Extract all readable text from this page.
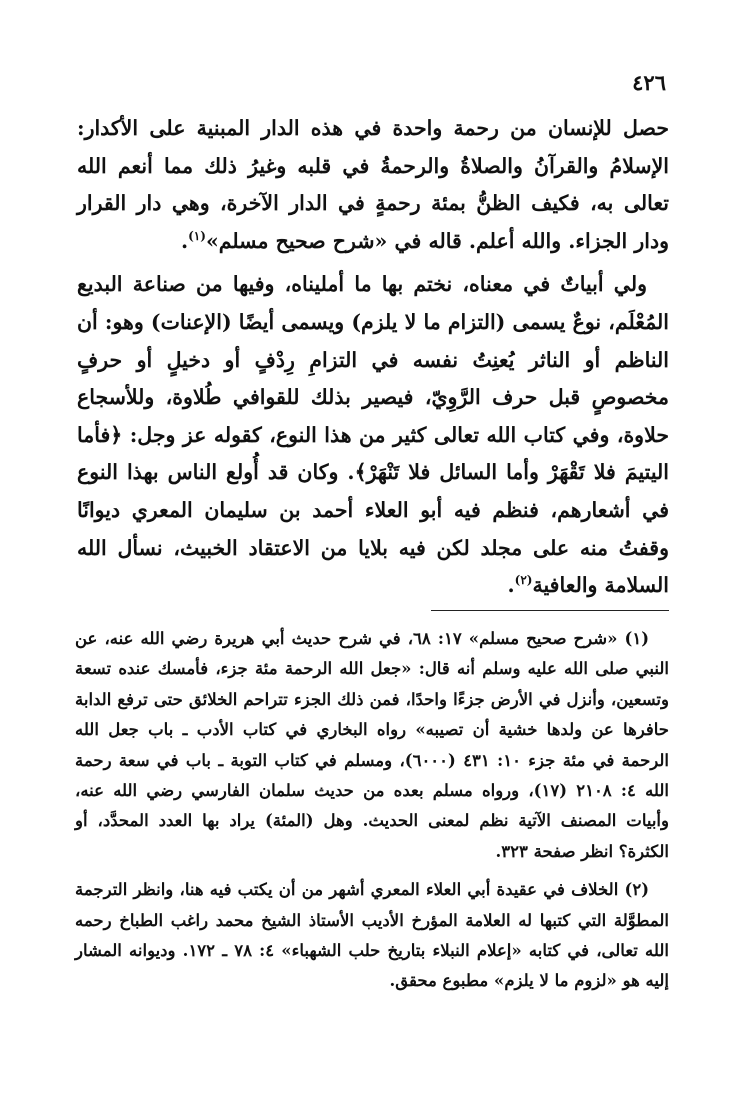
٤٢٦

حصل للإنسان من رحمة واحدة في هذه الدار المبنية على الأكدار: الإسلامُ والقرآنُ والصلاةُ والرحمةُ في قلبه وغيرُ ذلك مما أنعم الله تعالى به، فكيف الظنُّ بمئة رحمةٍ في الدار الآخرة، وهي دار القرار ودار الجزاء. والله أعلم. قاله في «شرح صحيح مسلم»$^{(١)}$.

ولي أبياتٌ في معناه، نختم بها ما أمليناه، وفيها من صناعة البديع المُعْلَم، نوعٌ يسمى (التزام ما لا يلزم) ويسمى أيضًا (الإعنات) وهو: أن الناظم أو الناثر يُعنِتُ نفسه في التزامِ رِدْفٍ أو دخيلٍ أو حرفٍ مخصوصٍ قبل حرف الرَّوِيّ، فيصير بذلك للقوافي طُلاوة، وللأسجاع حلاوة، وفي كتاب الله تعالى كثير من هذا النوع، كقوله عز وجل: ﴿فأما اليتيمَ فلا تَقْهَرْ وأما السائل فلا تَنْهَرْ﴾. وكان قد أُولع الناس بهذا النوع في أشعارهم، فنظم فيه أبو العلاء أحمد بن سليمان المعري ديوانًا وقفتُ منه على مجلد لكن فيه بلايا من الاعتقاد الخبيث، نسأل الله السلامة والعافية$^{(٢)}$.

(١) «شرح صحيح مسلم» ١٧: ٦٨، في شرح حديث أبي هريرة رضي الله عنه، عن النبي صلى الله عليه وسلم أنه قال: «جعل الله الرحمة مئة جزء، فأمسك عنده تسعة وتسعين، وأنزل في الأرض جزءًا واحدًا، فمن ذلك الجزء تتراحم الخلائق حتى ترفع الدابة حافرها عن ولدها خشية أن تصيبه» رواه البخاري في كتاب الأدب ـ باب جعل الله الرحمة في مئة جزء ١٠: ٤٣١ (٦٠٠٠)، ومسلم في كتاب التوبة ـ باب في سعة رحمة الله ٤: ٢١٠٨ (١٧)، ورواه مسلم بعده من حديث سلمان الفارسي رضي الله عنه، وأبيات المصنف الآتية نظم لمعنى الحديث. وهل (المئة) يراد بها العدد المحدَّد، أو الكثرة؟ انظر صفحة ٣٢٣.

(٢) الخلاف في عقيدة أبي العلاء المعري أشهر من أن يكتب فيه هنا، وانظر الترجمة المطوَّلة التي كتبها له العلامة المؤرخ الأديب الأستاذ الشيخ محمد راغب الطباخ رحمه الله تعالى، في كتابه «إعلام النبلاء بتاريخ حلب الشهباء» ٤: ٧٨ ـ ١٧٢. وديوانه المشار إليه هو «لزوم ما لا يلزم» مطبوع محقق.
